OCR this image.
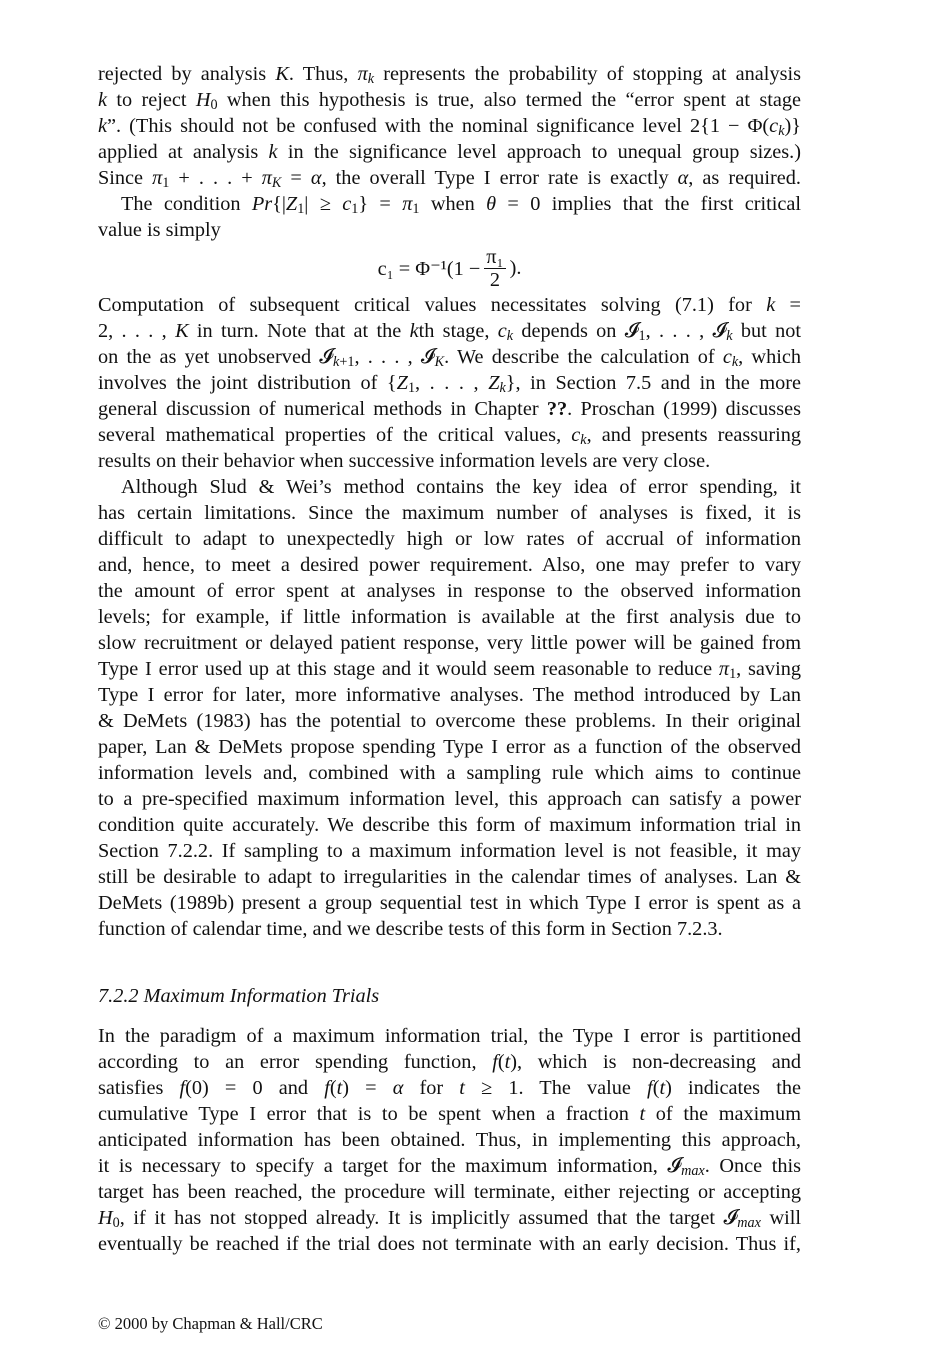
rejected by analysis K. Thus, $\pi_k$ represents the probability of stopping at analysis
k to reject $H_0$ when this hypothesis is true, also termed the “error spent at stage
k”. (This should not be confused with the nominal significance level $2\{1 - \Phi(c_k)\}$
applied at analysis k in the significance level approach to unequal group sizes.)
Since $\pi_1$ + . . . + $\pi_K = \alpha$, the overall Type I error rate is exactly α, as required.
The condition $Pr\{|Z_1| \ge c_1\} = \pi_1$ when θ = 0 implies that the first critical
value is simply
$c_1 = \Phi^{-1}(1 - \frac{\text{π₁}}{2}$ ).
Computation of subsequent critical values necessitates solving (7.1) for k =
2, . . . , K in turn. Note that at the kth stage, $c_k$ depends on 𝓘$_1$, . . . , 𝓘$_k$ but not
on the as yet unobserved 𝓘$_{k+1}$, . . . , 𝓘$_K$. We describe the calculation of $c_k$, which
involves the joint distribution of {$Z_1$, . . . , $Z_k$}, in Section 7.5 and in the more
general discussion of numerical methods in Chapter ??. Proschan (1999) discusses
several mathematical properties of the critical values, $c_k$, and presents reassuring
results on their behavior when successive information levels are very close.
Although Slud & Wei’s method contains the key idea of error spending, it
has certain limitations. Since the maximum number of analyses is fixed, it is
difficult to adapt to unexpectedly high or low rates of accrual of information
and, hence, to meet a desired power requirement. Also, one may prefer to vary
the amount of error spent at analyses in response to the observed information
levels; for example, if little information is available at the first analysis due to
slow recruitment or delayed patient response, very little power will be gained from
Type I error used up at this stage and it would seem reasonable to reduce $\pi_1$, saving
Type I error for later, more informative analyses. The method introduced by Lan
& DeMets (1983) has the potential to overcome these problems. In their original
paper, Lan & DeMets propose spending Type I error as a function of the observed
information levels and, combined with a sampling rule which aims to continue
to a pre-specified maximum information level, this approach can satisfy a power
condition quite accurately. We describe this form of maximum information trial in
Section 7.2.2. If sampling to a maximum information level is not feasible, it may
still be desirable to adapt to irregularities in the calendar times of analyses. Lan &
DeMets (1989b) present a group sequential test in which Type I error is spent as a
function of calendar time, and we describe tests of this form in Section 7.2.3.
7.2.2 Maximum Information Trials
In the paradigm of a maximum information trial, the Type I error is partitioned
according to an error spending function, f(t), which is non-decreasing and
satisfies f(0) = 0 and f(t) = α for t ≥ 1. The value f(t) indicates the
cumulative Type I error that is to be spent when a fraction t of the maximum
anticipated information has been obtained. Thus, in implementing this approach,
it is necessary to specify a target for the maximum information, 𝓘$_{max}$. Once this
target has been reached, the procedure will terminate, either rejecting or accepting
$H_0$, if it has not stopped already. It is implicitly assumed that the target 𝓘$_{max}$ will
eventually be reached if the trial does not terminate with an early decision. Thus if,
© 2000 by Chapman & Hall/CRC
